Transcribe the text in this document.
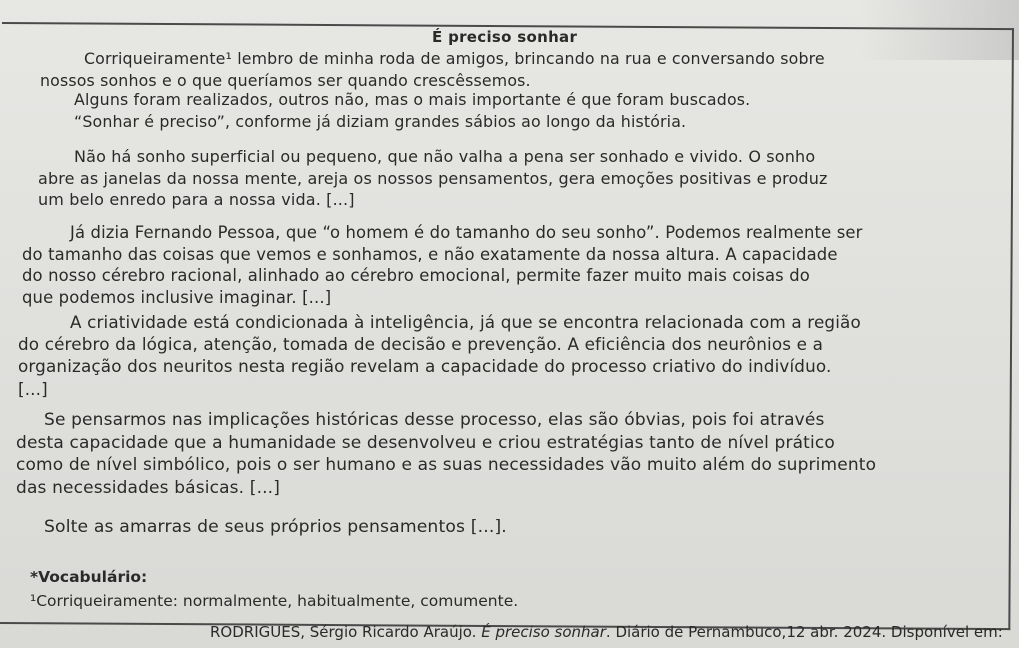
É preciso sonhar
Corriqueiramente¹ lembro de minha roda de amigos, brincando na rua e conversando sobre
nossos sonhos e o que queríamos ser quando crescêssemos.
Alguns foram realizados, outros não, mas o mais importante é que foram buscados.
“Sonhar é preciso”, conforme já diziam grandes sábios ao longo da história.
Não há sonho superficial ou pequeno, que não valha a pena ser sonhado e vivido. O sonho
abre as janelas da nossa mente, areja os nossos pensamentos, gera emoções positivas e produz
um belo enredo para a nossa vida. [...]
Já dizia Fernando Pessoa, que “o homem é do tamanho do seu sonho”. Podemos realmente ser
do tamanho das coisas que vemos e sonhamos, e não exatamente da nossa altura. A capacidade
do nosso cérebro racional, alinhado ao cérebro emocional, permite fazer muito mais coisas do
que podemos inclusive imaginar. [...]
A criatividade está condicionada à inteligência, já que se encontra relacionada com a região
do cérebro da lógica, atenção, tomada de decisão e prevenção. A eficiência dos neurônios e a
organização dos neuritos nesta região revelam a capacidade do processo criativo do indivíduo.
[...]
Se pensarmos nas implicações históricas desse processo, elas são óbvias, pois foi através
desta capacidade que a humanidade se desenvolveu e criou estratégias tanto de nível prático
como de nível simbólico, pois o ser humano e as suas necessidades vão muito além do suprimento
das necessidades básicas. [...]
Solte as amarras de seus próprios pensamentos [...].
*Vocabulário:
¹Corriqueiramente: normalmente, habitualmente, comumente.
RODRIGUES, Sérgio Ricardo Araújo. É preciso sonhar. Diário de Pernambuco,12 abr. 2024. Disponível em:
